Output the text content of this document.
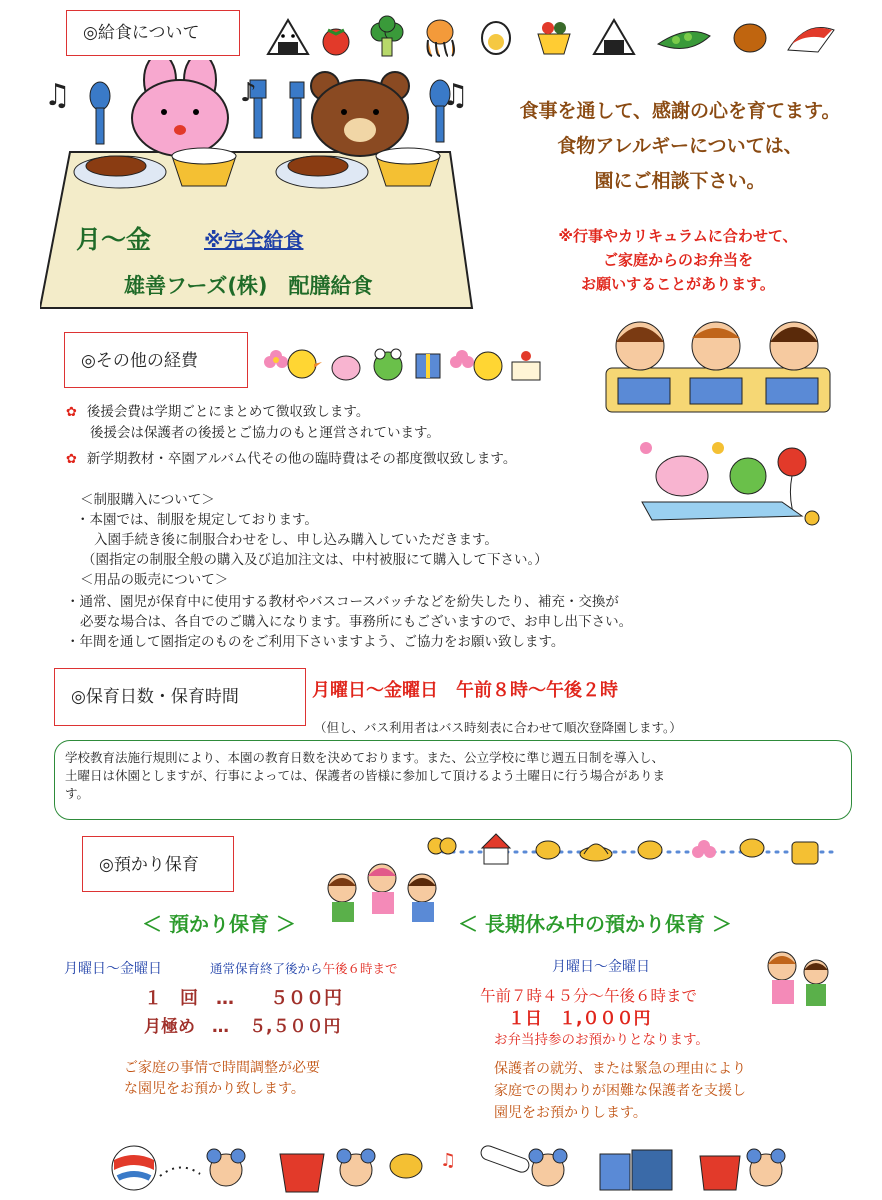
◎給食について
♫	♪	♫
月～金	※完全給食
雄善フーズ(株)　配膳給食
食事を通して、感謝の心を育てます。
食物アレルギーについては、
園にご相談下さい。
※行事やカリキュラムに合わせて、
ご家庭からのお弁当を
お願いすることがあります。
◎その他の経費
✿ 後援会費は学期ごとにまとめて徴収致します。
後援会は保護者の後援とご協力のもと運営されています。
✿ 新学期教材・卒園アルバム代その他の臨時費はその都度徴収致します。
＜制服購入について＞
・本園では、制服を規定しております。
入園手続き後に制服合わせをし、申し込み購入していただきます。
（園指定の制服全般の購入及び追加注文は、中村被服にて購入して下さい。）
＜用品の販売について＞
・通常、園児が保育中に使用する教材やバスコースバッチなどを紛失したり、補充・交換が
必要な場合は、各自でのご購入になります。事務所にもございますので、お申し出下さい。
・年間を通して園指定のものをご利用下さいますよう、ご協力をお願い致します。
◎保育日数・保育時間	月曜日～金曜日　午前８時～午後２時
（但し、バス利用者はバス時刻表に合わせて順次登降園します。）
学校教育法施行規則により、本園の教育日数を決めております。また、公立学校に準じ週五日制を導入し、
土曜日は休園としますが、行事によっては、保護者の皆様に参加して頂けるよう土曜日に行う場合がありま
す。
◎預かり保育
＜ 預かり保育 ＞	＜ 長期休み中の預かり保育 ＞
月曜日～金曜日	通常保育終了後から午後６時まで
１　回　… ５００円
月極め　… ５,５００円
ご家庭の事情で時間調整が必要
な園児をお預かり致します。
月曜日～金曜日
午前７時４５分～午後６時まで
１日　１,０００円
お弁当持参のお預かりとなります。
保護者の就労、または緊急の理由により
家庭での関わりが困難な保護者を支援し
園児をお預かりします。
♫
